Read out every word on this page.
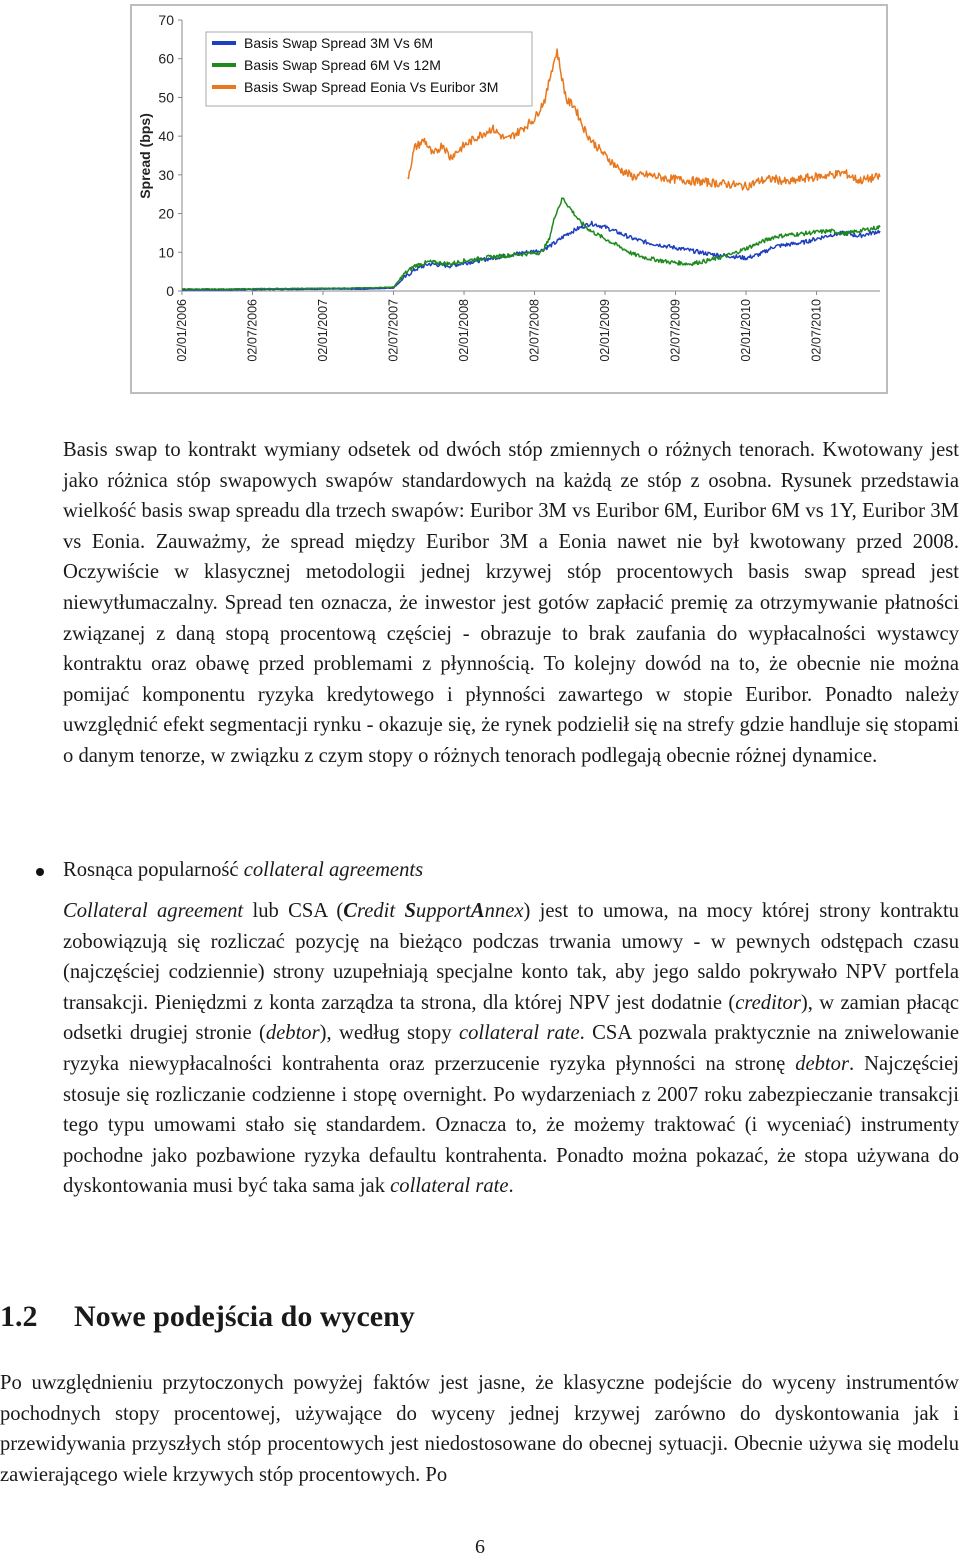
0
10
20
30
40
50
60
70
02/01/2006	02/07/2006	02/01/2007	02/07/2007	02/01/2008	02/07/2008	02/01/2009	02/07/2009	02/01/2010	02/07/2010
Basis Swap Spread 3M Vs 6M
Basis Swap Spread 6M Vs 12M
Basis Swap Spread Eonia Vs Euribor 3M
Spread (bps)

Basis swap to kontrakt wymiany odsetek od dwóch stóp zmiennych o różnych tenorach. Kwotowany jest jako różnica stóp swapowych swapów standardowych na każdą ze stóp z osobna. Rysunek przedstawia wielkość basis swap spreadu dla trzech swapów: Euribor 3M vs Euribor 6M, Euribor 6M vs 1Y, Euribor 3M vs Eonia. Zauważmy, że spread między Euribor 3M a Eonia nawet nie był kwotowany przed 2008. Oczywiście w klasycznej metodologii jednej krzywej stóp procentowych basis swap spread jest niewytłumaczalny. Spread ten oznacza, że inwestor jest gotów zapłacić premię za otrzymywanie płatności związanej z daną stopą procentową częściej - obrazuje to brak zaufania do wypłacalności wystawcy kontraktu oraz obawę przed problemami z płynnością. To kolejny dowód na to, że obecnie nie można pomijać komponentu ryzyka kredytowego i płynności zawartego w stopie Euribor. Ponadto należy uwzględnić efekt segmentacji rynku - okazuje się, że rynek podzielił się na strefy gdzie handluje się stopami o danym tenorze, w związku z czym stopy o różnych tenorach podlegają obecnie różnej dynamice.

Rosnąca popularność collateral agreements

Collateral agreement lub CSA (Credit SupportAnnex) jest to umowa, na mocy której strony kontraktu zobowiązują się rozliczać pozycję na bieżąco podczas trwania umowy - w pewnych odstępach czasu (najczęściej codziennie) strony uzupełniają specjalne konto tak, aby jego saldo pokrywało NPV portfela transakcji. Pieniędzmi z konta zarządza ta strona, dla której NPV jest dodatnie (creditor), w zamian płacąc odsetki drugiej stronie (debtor), według stopy collateral rate. CSA pozwala praktycznie na zniwelowanie ryzyka niewypłacalności kontrahenta oraz przerzucenie ryzyka płynności na stronę debtor. Najczęściej stosuje się rozliczanie codzienne i stopę overnight. Po wydarzeniach z 2007 roku zabezpieczanie transakcji tego typu umowami stało się standardem. Oznacza to, że możemy traktować (i wyceniać) instrumenty pochodne jako pozbawione ryzyka defaultu kontrahenta. Ponadto można pokazać, że stopa używana do dyskontowania musi być taka sama jak collateral rate.

1.2 Nowe podejścia do wyceny

Po uwzględnieniu przytoczonych powyżej faktów jest jasne, że klasyczne podejście do wyceny instrumentów pochodnych stopy procentowej, używające do wyceny jednej krzywej zarówno do dyskontowania jak i przewidywania przyszłych stóp procentowych jest niedostosowane do obecnej sytuacji. Obecnie używa się modelu zawierającego wiele krzywych stóp procentowych. Po

6
